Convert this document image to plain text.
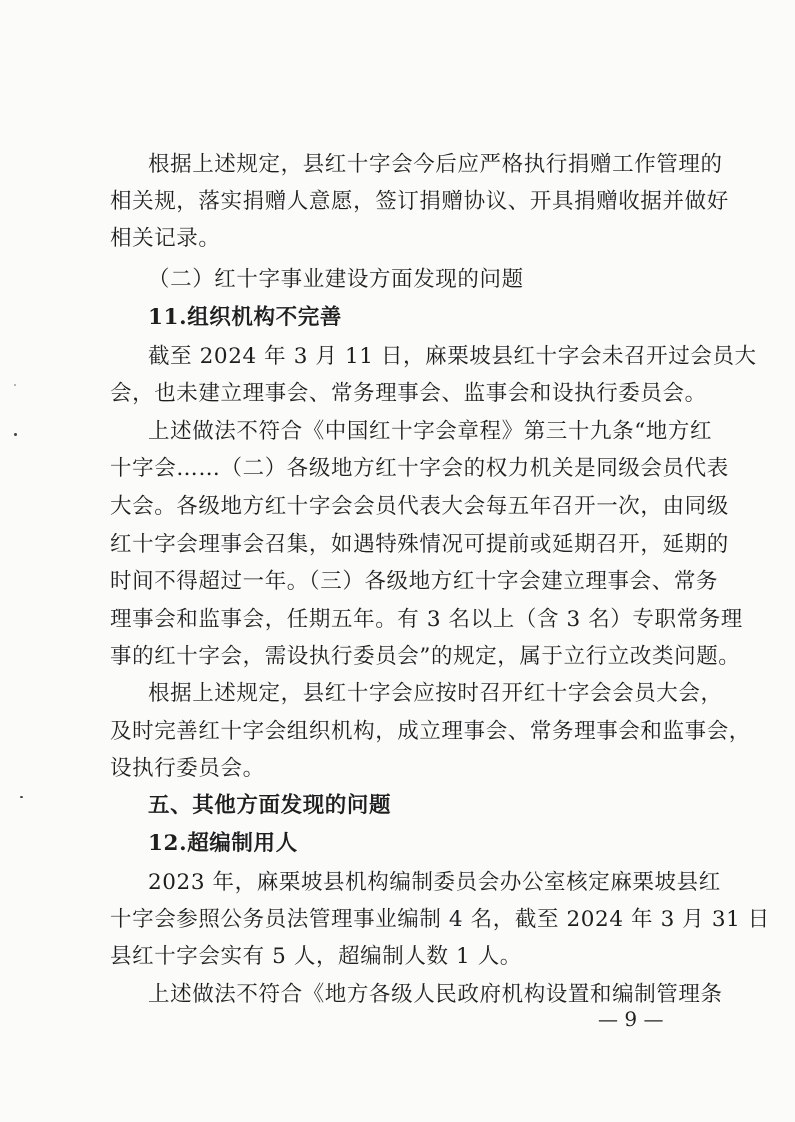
根据上述规定，县红十字会今后应严格执行捐赠工作管理的
相关规，落实捐赠人意愿，签订捐赠协议、开具捐赠收据并做好
相关记录。
（二）红十字事业建设方面发现的问题
11.组织机构不完善
截至 2024 年 3 月 11 日，麻栗坡县红十字会未召开过会员大
会，也未建立理事会、常务理事会、监事会和设执行委员会。
上述做法不符合《中国红十字会章程》第三十九条“地方红
十字会……（二）各级地方红十字会的权力机关是同级会员代表
大会。各级地方红十字会会员代表大会每五年召开一次，由同级
红十字会理事会召集，如遇特殊情况可提前或延期召开，延期的
时间不得超过一年。（三）各级地方红十字会建立理事会、常务
理事会和监事会，任期五年。有 3 名以上（含 3 名）专职常务理
事的红十字会，需设执行委员会”的规定，属于立行立改类问题。
根据上述规定，县红十字会应按时召开红十字会会员大会，
及时完善红十字会组织机构，成立理事会、常务理事会和监事会，
设执行委员会。
五、其他方面发现的问题
12.超编制用人
2023 年，麻栗坡县机构编制委员会办公室核定麻栗坡县红
十字会参照公务员法管理事业编制 4 名，截至 2024 年 3 月 31 日
县红十字会实有 5 人，超编制人数 1 人。
上述做法不符合《地方各级人民政府机构设置和编制管理条
— 9 —
